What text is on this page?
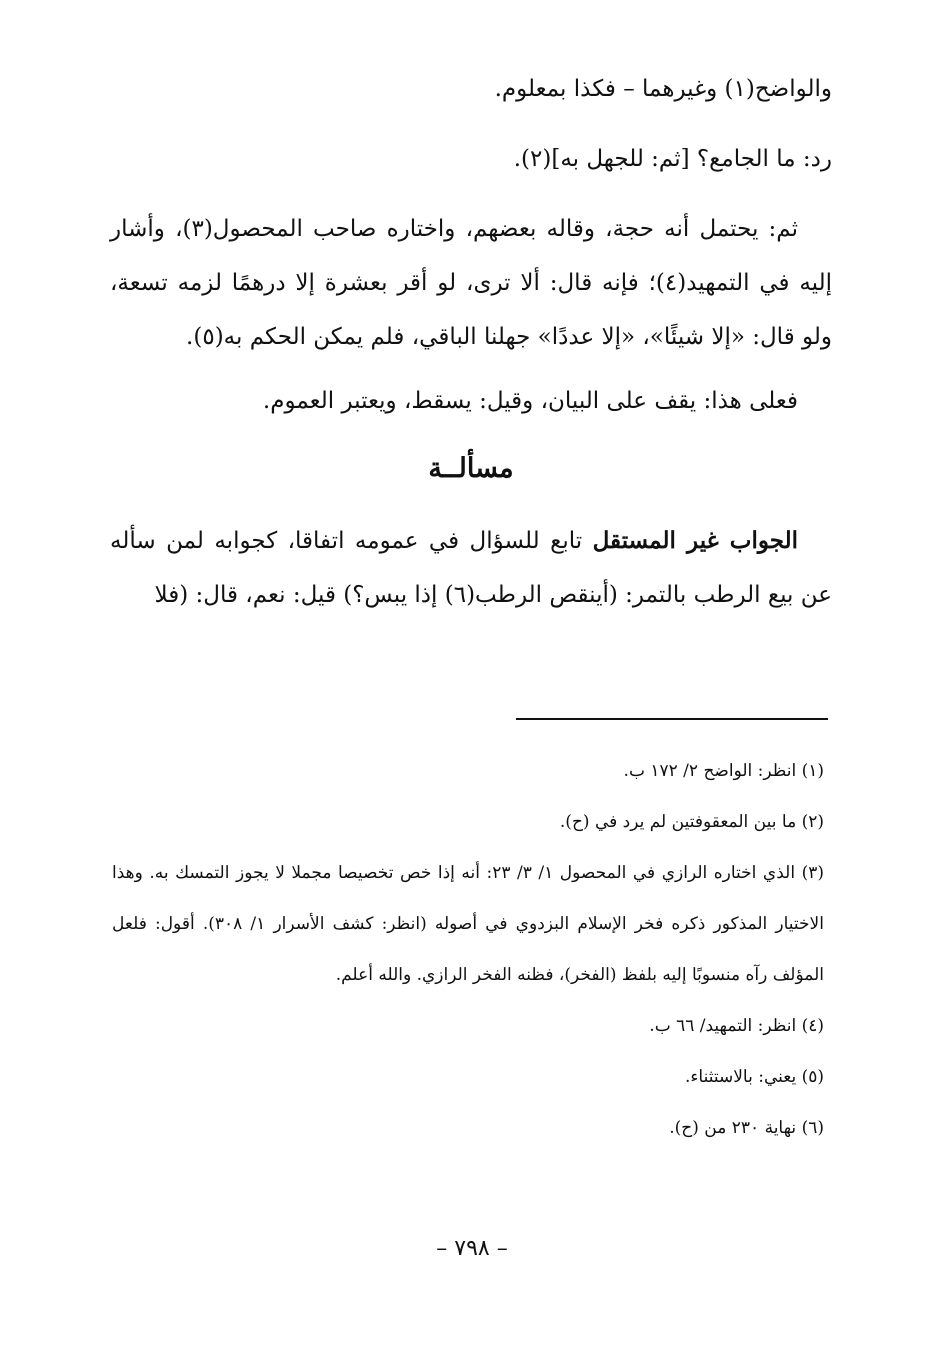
والواضح(١) وغيرهما – فكذا بمعلوم.

رد: ما الجامع؟ [ثم: للجهل به](٢).

ثم: يحتمل أنه حجة، وقاله بعضهم، واختاره صاحب المحصول(٣)، وأشار إليه في التمهيد(٤)؛ فإنه قال: ألا ترى، لو أقر بعشرة إلا درهمًا لزمه تسعة، ولو قال: «إلا شيئًا»، «إلا عددًا» جهلنا الباقي، فلم يمكن الحكم به(٥).

فعلى هذا: يقف على البيان، وقيل: يسقط، ويعتبر العموم.

مسألــة

الجواب غير المستقل تابع للسؤال في عمومه اتفاقا، كجوابه لمن سأله عن بيع الرطب بالتمر: (أينقص الرطب(٦) إذا يبس؟) قيل: نعم، قال: (فلا

(١) انظر: الواضح ٢/ ١٧٢ ب.

(٢) ما بين المعقوفتين لم يرد في (ح).

(٣) الذي اختاره الرازي في المحصول ١/ ٣/ ٢٣: أنه إذا خص تخصيصا مجملا لا يجوز التمسك به. وهذا الاختيار المذكور ذكره فخر الإسلام البزدوي في أصوله (انظر: كشف الأسرار ١/ ٣٠٨). أقول: فلعل المؤلف رآه منسوبًا إليه بلفظ (الفخر)، فظنه الفخر الرازي. والله أعلم.

(٤) انظر: التمهيد/ ٦٦ ب.

(٥) يعني: بالاستثناء.

(٦) نهاية ٢٣٠ من (ح).

– ٧٩٨ –
